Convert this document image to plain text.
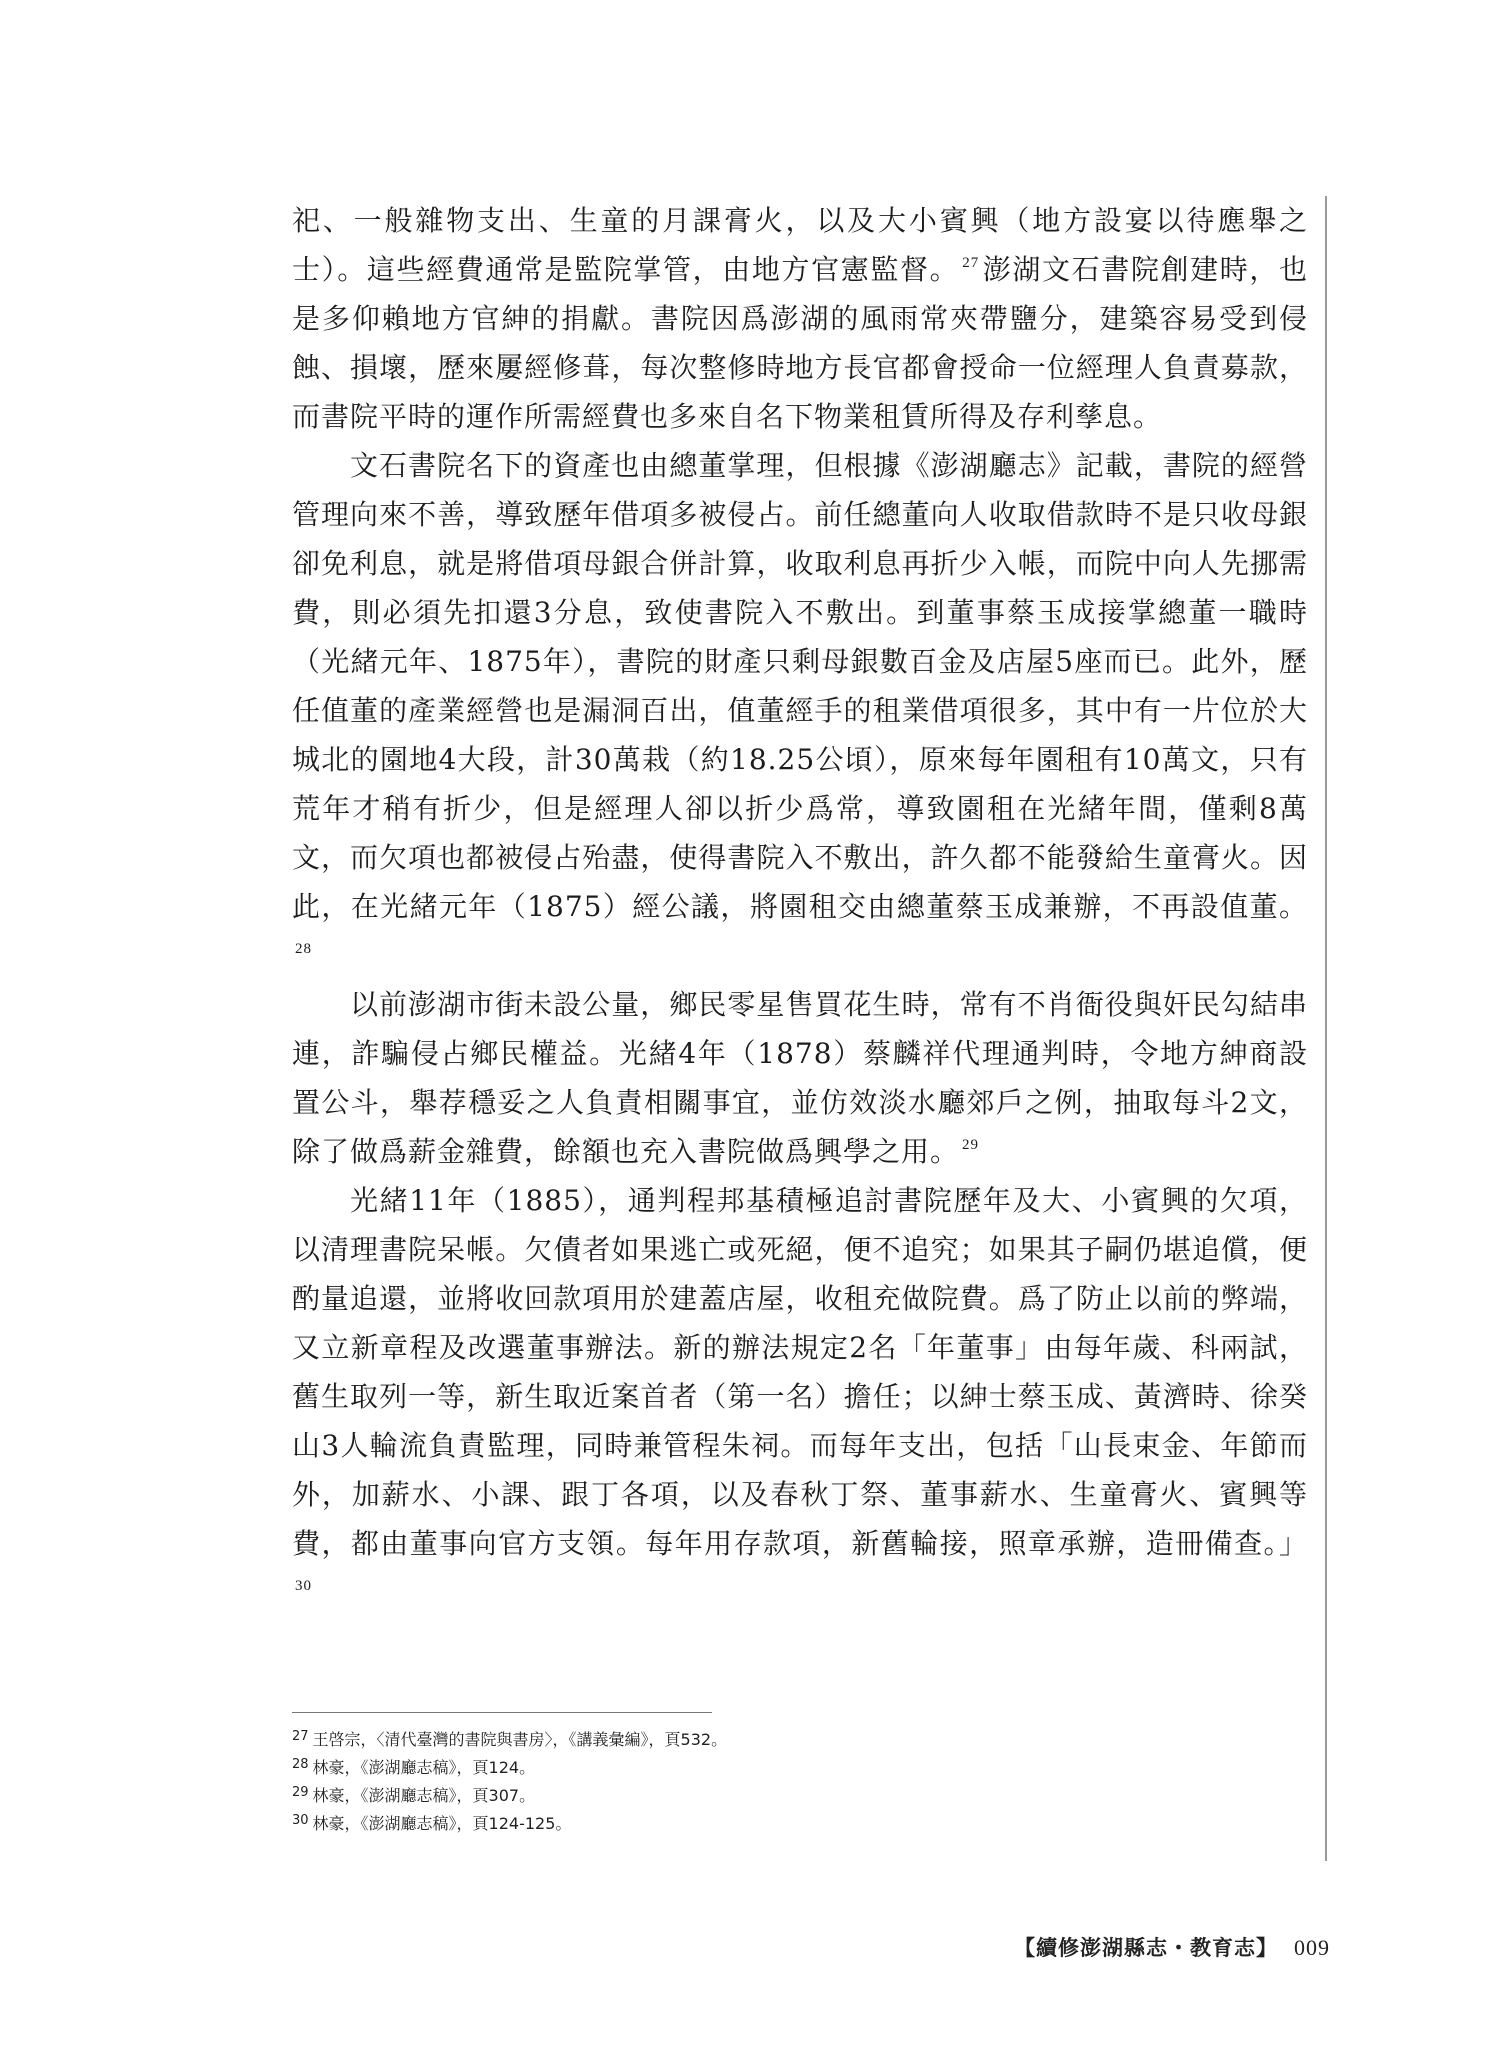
祀、一般雜物支出、生童的月課膏火，以及大小賓興（地方設宴以待應舉之士）。這些經費通常是監院掌管，由地方官憲監督。 $^{27}$ 澎湖文石書院創建時，也是多仰賴地方官紳的捐獻。書院因爲澎湖的風雨常夾帶鹽分，建築容易受到侵蝕、損壞，歷來屢經修葺，每次整修時地方長官都會授命一位經理人負責募款，而書院平時的運作所需經費也多來自名下物業租賃所得及存利孳息。

文石書院名下的資產也由總董掌理，但根據《澎湖廳志》記載，書院的經營管理向來不善，導致歷年借項多被侵占。前任總董向人收取借款時不是只收母銀卻免利息，就是將借項母銀合併計算，收取利息再折少入帳，而院中向人先挪需費，則必須先扣還3分息，致使書院入不敷出。到董事蔡玉成接掌總董一職時（光緒元年、1875年），書院的財產只剩母銀數百金及店屋5座而已。此外，歷任值董的產業經營也是漏洞百出，值董經手的租業借項很多，其中有一片位於大城北的園地4大段，計30萬栽（約18.25公頃），原來每年園租有10萬文，只有荒年才稍有折少，但是經理人卻以折少爲常，導致園租在光緒年間，僅剩8萬文，而欠項也都被侵占殆盡，使得書院入不敷出，許久都不能發給生童膏火。因此，在光緒元年（1875）經公議，將園租交由總董蔡玉成兼辦，不再設值董。$^{28}$

以前澎湖市街未設公量，鄉民零星售買花生時，常有不肖衙役與奸民勾結串連，詐騙侵占鄉民權益。光緒4年（1878）蔡麟祥代理通判時，令地方紳商設置公斗，舉荐穩妥之人負責相關事宜，並仿效淡水廳郊戶之例，抽取每斗2文，除了做爲薪金雜費，餘額也充入書院做爲興學之用。 $^{29}$

光緒11年（1885），通判程邦基積極追討書院歷年及大、小賓興的欠項，以清理書院呆帳。欠債者如果逃亡或死絕，便不追究；如果其子嗣仍堪追償，便酌量追還，並將收回款項用於建蓋店屋，收租充做院費。爲了防止以前的弊端，又立新章程及改選董事辦法。新的辦法規定2名「年董事」由每年歲、科兩試，舊生取列一等，新生取近案首者（第一名）擔任；以紳士蔡玉成、黃濟時、徐癸山3人輪流負責監理，同時兼管程朱祠。而每年支出，包括「山長束金、年節而外，加薪水、小課、跟丁各項，以及春秋丁祭、董事薪水、生童膏火、賓興等費，都由董事向官方支領。每年用存款項，新舊輪接，照章承辦，造冊備查。」$^{30}$

$^{27}$ 王啓宗，〈清代臺灣的書院與書房〉，《講義彙編》，頁532。
$^{28}$ 林豪，《澎湖廳志稿》，頁124。
$^{29}$ 林豪，《澎湖廳志稿》，頁307。
$^{30}$ 林豪，《澎湖廳志稿》，頁124-125。
【續修澎湖縣志・教育志】 009
